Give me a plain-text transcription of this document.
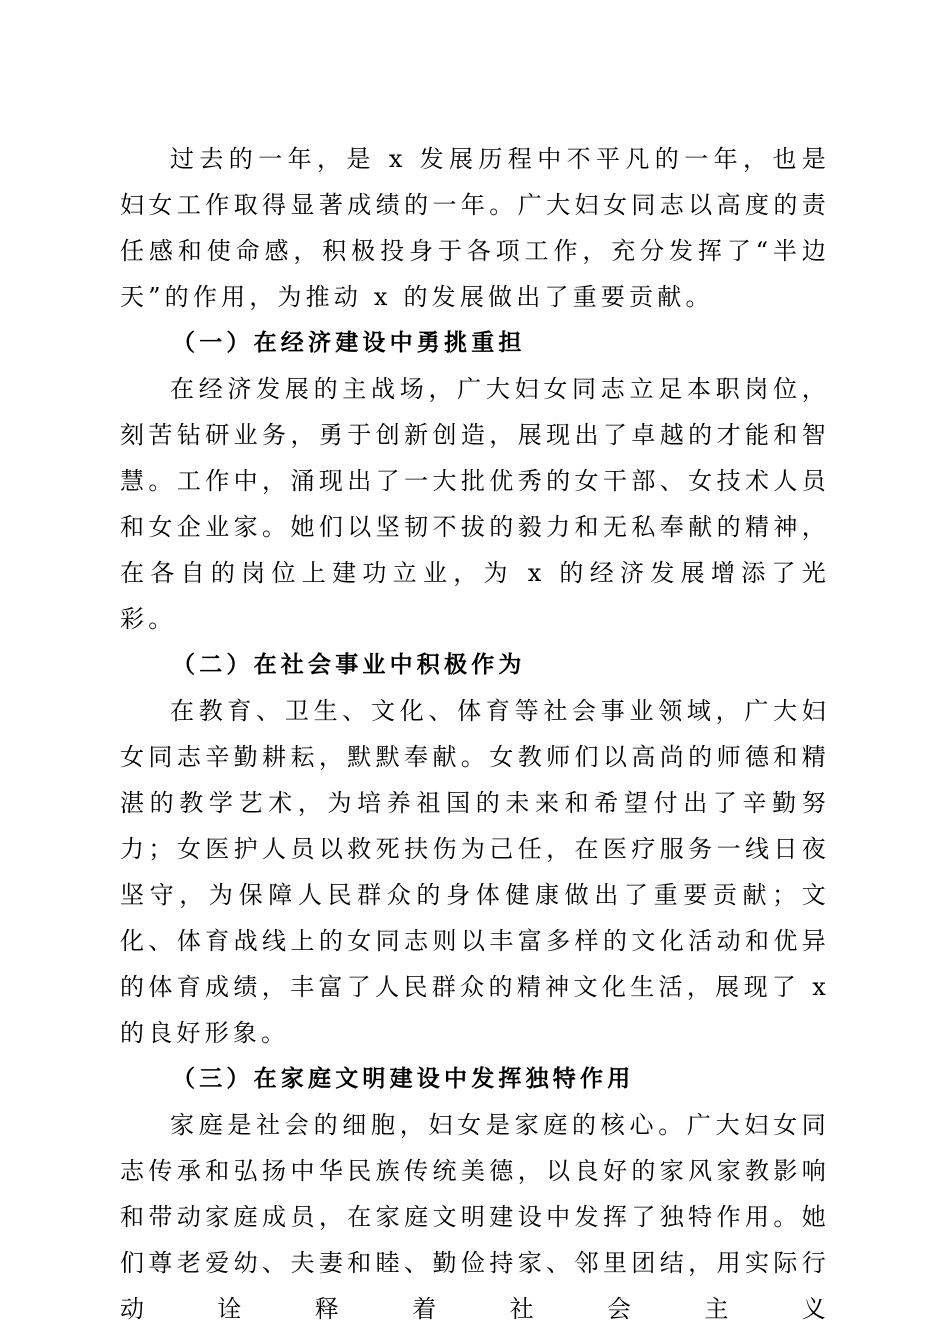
过去的一年，是 x 发展历程中不平凡的一年，也是妇女工作取得显著成绩的一年。广大妇女同志以高度的责任感和使命感，积极投身于各项工作，充分发挥了“半边天”的作用，为推动 x 的发展做出了重要贡献。

（一）在经济建设中勇挑重担

在经济发展的主战场，广大妇女同志立足本职岗位，刻苦钻研业务，勇于创新创造，展现出了卓越的才能和智慧。工作中，涌现出了一大批优秀的女干部、女技术人员和女企业家。她们以坚韧不拔的毅力和无私奉献的精神，在各自的岗位上建功立业，为 x 的经济发展增添了光彩。

（二）在社会事业中积极作为

在教育、卫生、文化、体育等社会事业领域，广大妇女同志辛勤耕耘，默默奉献。女教师们以高尚的师德和精湛的教学艺术，为培养祖国的未来和希望付出了辛勤努力；女医护人员以救死扶伤为己任，在医疗服务一线日夜坚守，为保障人民群众的身体健康做出了重要贡献；文化、体育战线上的女同志则以丰富多样的文化活动和优异的体育成绩，丰富了人民群众的精神文化生活，展现了 x 的良好形象。

（三）在家庭文明建设中发挥独特作用

家庭是社会的细胞，妇女是家庭的核心。广大妇女同志传承和弘扬中华民族传统美德，以良好的家风家教影响和带动家庭成员，在家庭文明建设中发挥了独特作用。她们尊老爱幼、夫妻和睦、勤俭持家、邻里团结，用实际行动诠释着社会主义
